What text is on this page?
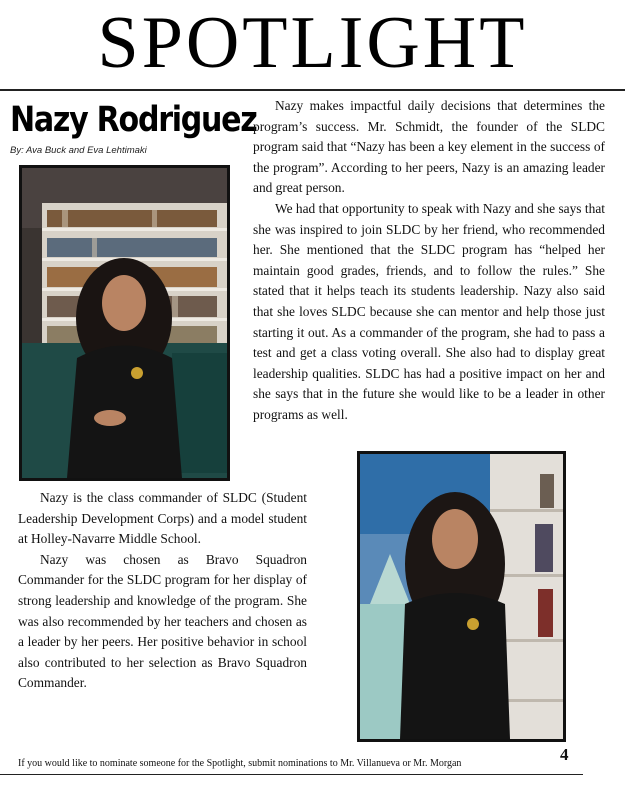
SPOTLIGHT
Nazy Rodriguez
By: Ava Buck and Eva Lehtimaki

Nazy makes impactful daily decisions that determines the program’s success. Mr. Schmidt, the founder of the SLDC program said that “Nazy has been a key element in the success of the program”. According to her peers, Nazy is an amazing leader and great person.

We had that opportunity to speak with Nazy and she says that she was inspired to join SLDC by her friend, who recommended her. She mentioned that the SLDC program has “helped her maintain good grades, friends, and to follow the rules.” She stated that it helps teach its students leadership. Nazy also said that she loves SLDC because she can mentor and help those just starting it out. As a commander of the program, she had to pass a test and get a class voting overall. She also had to display great leadership qualities. SLDC has had a positive impact on her and she says that in the future she would like to be a leader in other programs as well.

Nazy is the class commander of SLDC (Student Leadership Development Corps) and a model student at Holley-Navarre Middle School.

Nazy was chosen as Bravo Squadron Commander for the SLDC program for her display of strong leadership and knowledge of the program. She was also recommended by her teachers and chosen as a leader by her peers. Her positive behavior in school also contributed to her selection as Bravo Squadron Commander.

4
If you would like to nominate someone for the Spotlight, submit nominations to Mr. Villanueva or Mr. Morgan
